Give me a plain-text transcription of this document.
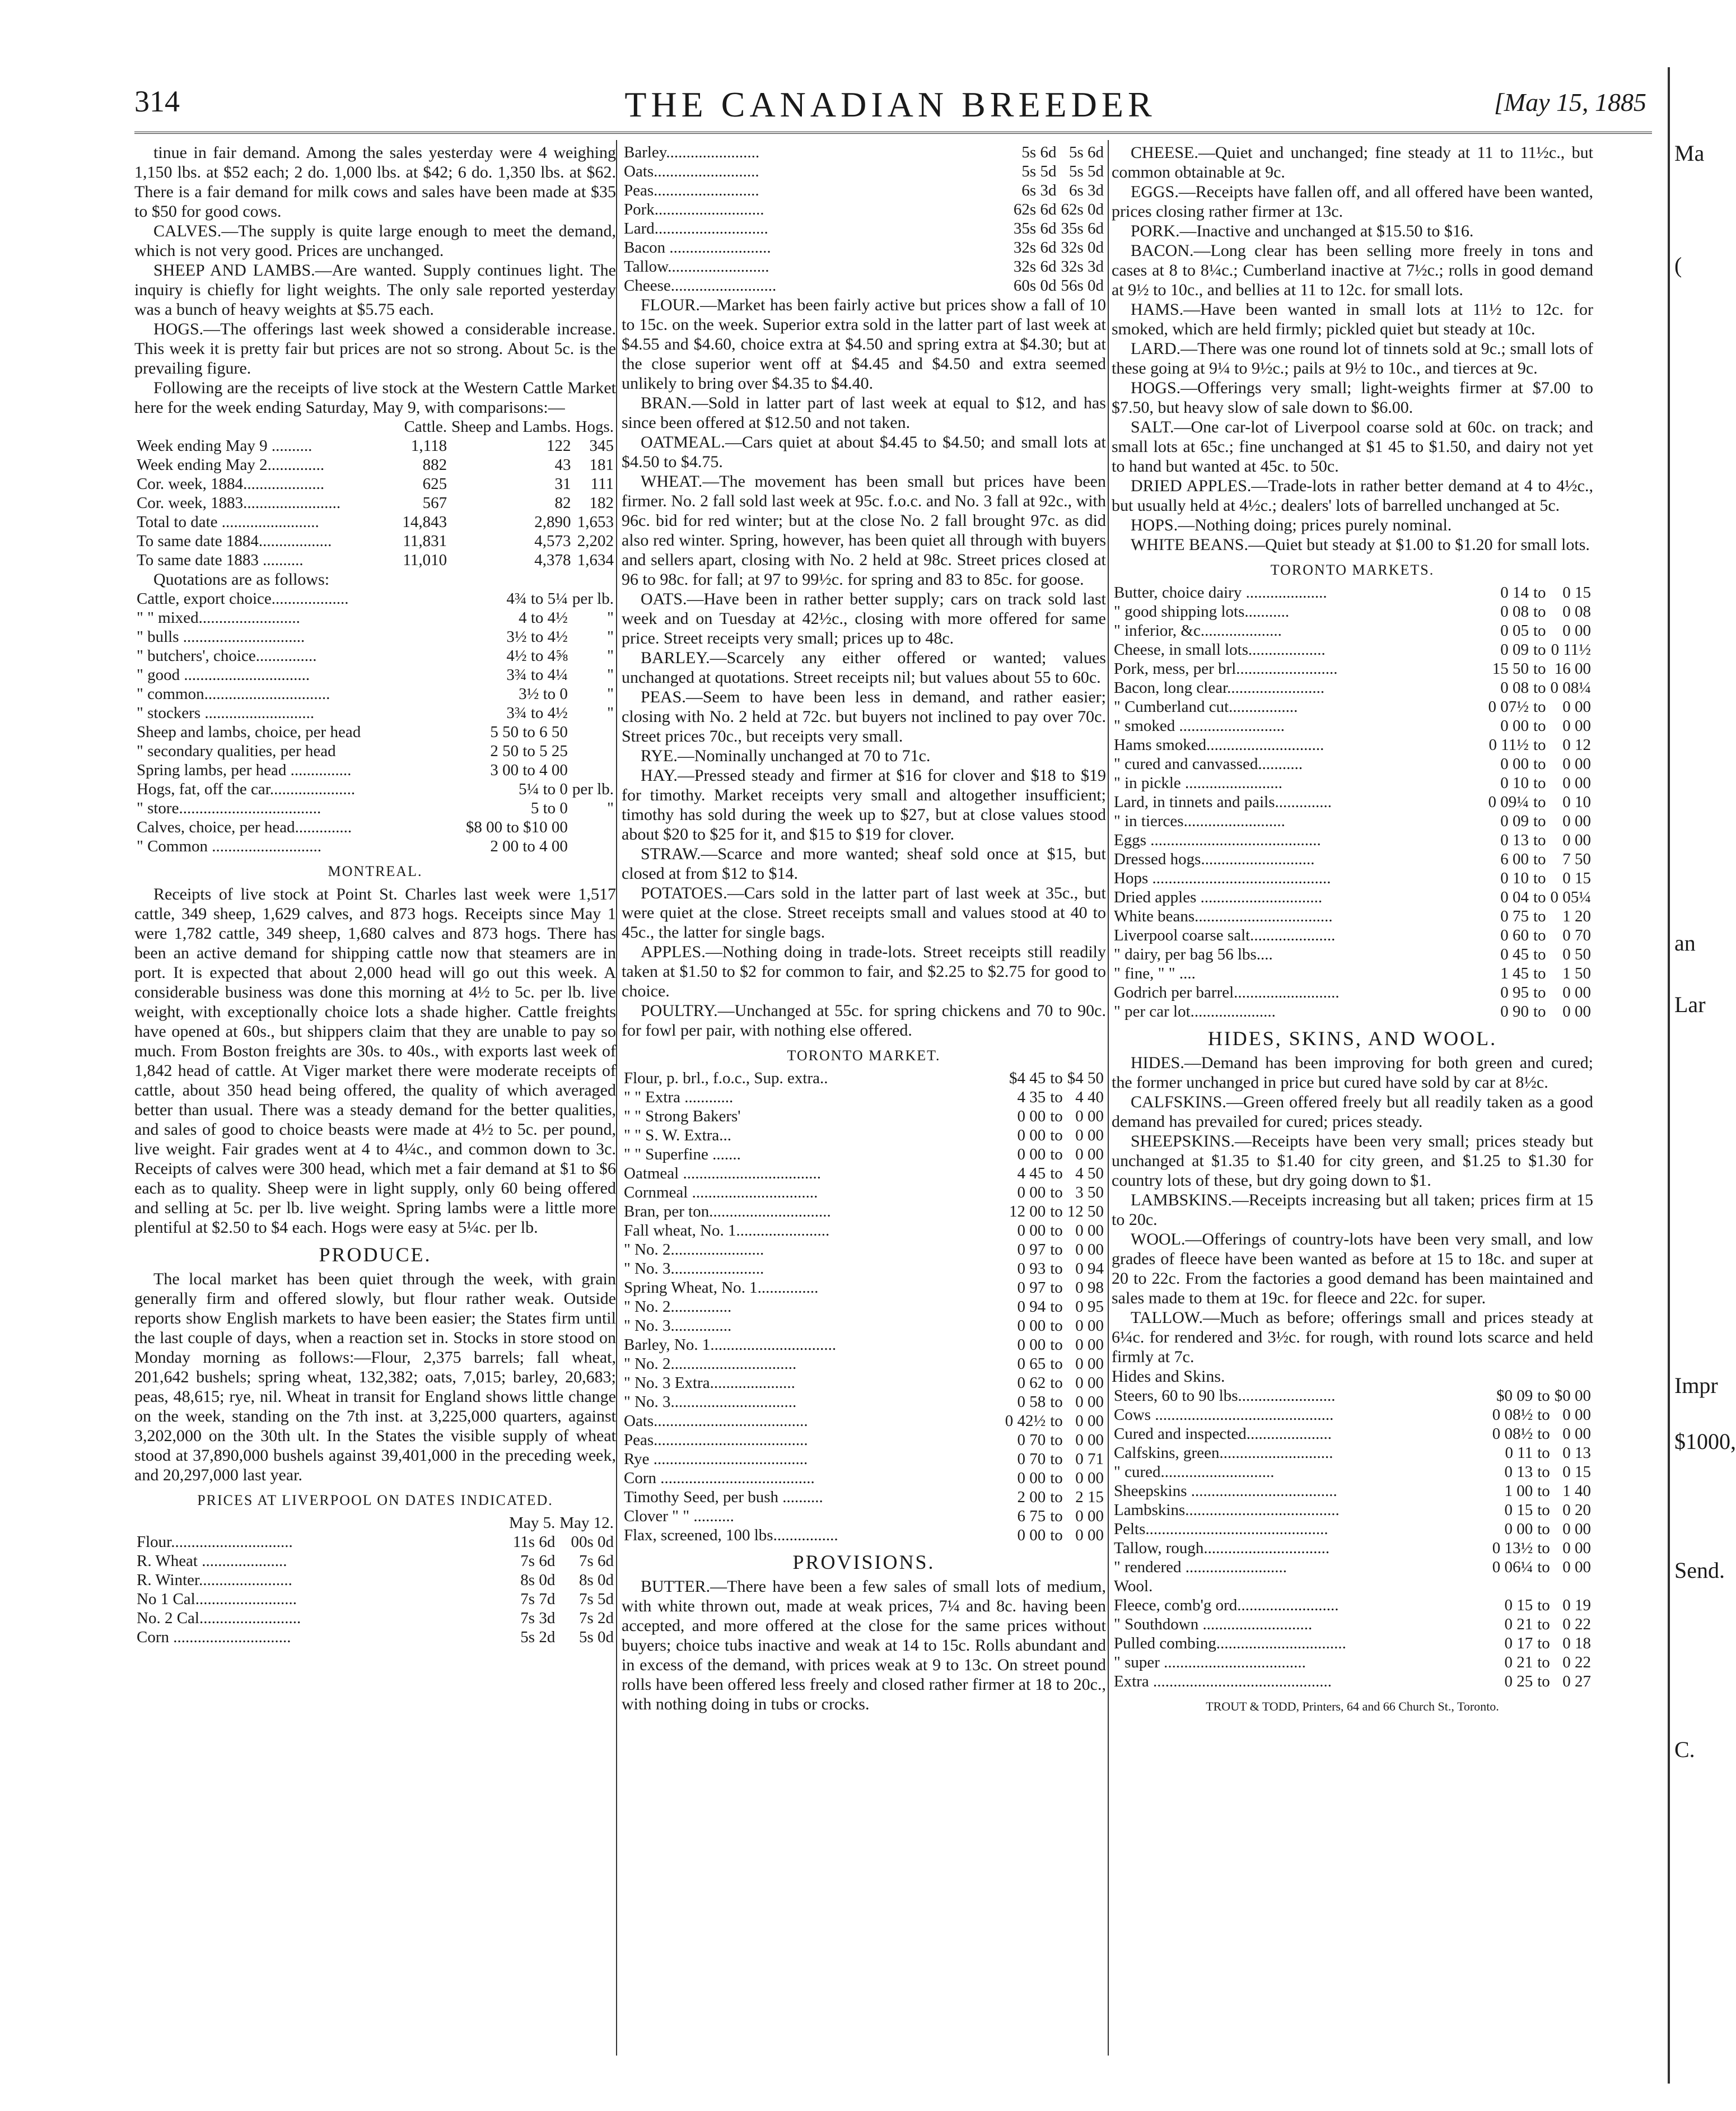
314	THE CANADIAN BREEDER	[May 15, 1885

tinue in fair demand. Among the sales yesterday were 4 weighing 1,150 lbs. at $52 each; 2 do. 1,000 lbs. at $42; 6 do. 1,350 lbs. at $62. There is a fair demand for milk cows and sales have been made at $35 to $50 for good cows.

CALVES.—The supply is quite large enough to meet the demand, which is not very good. Prices are unchanged.

SHEEP AND LAMBS.—Are wanted. Supply continues light. The inquiry is chiefly for light weights. The only sale reported yesterday was a bunch of heavy weights at $5.75 each.

HOGS.—The offerings last week showed a considerable increase. This week it is pretty fair but prices are not so strong. About 5c. is the prevailing figure.

Following are the receipts of live stock at the Western Cattle Market here for the week ending Saturday, May 9, with comparisons:—

	Cattle.	Sheep and Lambs.	Hogs.
Week ending May 9 ..........	1,118	122	345
Week ending May 2..............	882	43	181
Cor. week, 1884....................	625	31	111
Cor. week, 1883........................	567	82	182
Total to date ........................	14,843	2,890	1,653
To same date 1884..................	11,831	4,573	2,202
To same date 1883 ..........	11,010	4,378	1,634

Quotations are as follows:

Cattle, export choice...................	4¾ to 5¼	per lb.
" " mixed.........................	4 to 4½	"
" bulls ..............................	3½ to 4½	"
" butchers', choice...............	4½ to 4⅝	"
" good ...............................	3¾ to 4¼	"
" common...............................	3½ to 0	"
" stockers ...........................	3¾ to 4½	"
Sheep and lambs, choice, per head	5 50 to 6 50	
" secondary qualities, per head	2 50 to 5 25	
Spring lambs, per head ...............	3 00 to 4 00	
Hogs, fat, off the car.....................	5¼ to 0	per lb.
" store...................................	5 to 0	"
Calves, choice, per head..............	$8 00 to $10 00	
" Common ...........................	2 00 to 4 00	
MONTREAL.

Receipts of live stock at Point St. Charles last week were 1,517 cattle, 349 sheep, 1,629 calves, and 873 hogs. Receipts since May 1 were 1,782 cattle, 349 sheep, 1,680 calves and 873 hogs. There has been an active demand for shipping cattle now that steamers are in port. It is expected that about 2,000 head will go out this week. A considerable business was done this morning at 4½ to 5c. per lb. live weight, with exceptionally choice lots a shade higher. Cattle freights have opened at 60s., but shippers claim that they are unable to pay so much. From Boston freights are 30s. to 40s., with exports last week of 1,842 head of cattle. At Viger market there were moderate receipts of cattle, about 350 head being offered, the quality of which averaged better than usual. There was a steady demand for the better qualities, and sales of good to choice beasts were made at 4½ to 5c. per pound, live weight. Fair grades went at 4 to 4¼c., and common down to 3c. Receipts of calves were 300 head, which met a fair demand at $1 to $6 each as to quality. Sheep were in light supply, only 60 being offered and selling at 5c. per lb. live weight. Spring lambs were a little more plentiful at $2.50 to $4 each. Hogs were easy at 5¼c. per lb.

PRODUCE.

The local market has been quiet through the week, with grain generally firm and offered slowly, but flour rather weak. Outside reports show English markets to have been easier; the States firm until the last couple of days, when a reaction set in. Stocks in store stood on Monday morning as follows:—Flour, 2,375 barrels; fall wheat, 201,642 bushels; spring wheat, 132,382; oats, 7,015; barley, 20,683; peas, 48,615; rye, nil. Wheat in transit for England shows little change on the week, standing on the 7th inst. at 3,225,000 quarters, against 3,202,000 on the 30th ult. In the States the visible supply of wheat stood at 37,890,000 bushels against 39,401,000 in the preceding week, and 20,297,000 last year.

PRICES AT LIVERPOOL ON DATES INDICATED.
	May 5.	May 12.
Flour..............................	11s 6d	00s 0d
R. Wheat .....................	7s 6d	7s 6d
R. Winter.......................	8s 0d	8s 0d
No 1 Cal.........................	7s 7d	7s 5d
No. 2 Cal.........................	7s 3d	7s 2d
Corn .............................	5s 2d	5s 0d
Barley.......................	5s 6d	5s 6d
Oats..........................	5s 5d	5s 5d
Peas..........................	6s 3d	6s 3d
Pork...........................	62s 6d	62s 0d
Lard............................	35s 6d	35s 6d
Bacon .........................	32s 6d	32s 0d
Tallow.........................	32s 6d	32s 3d
Cheese..........................	60s 0d	56s 0d

FLOUR.—Market has been fairly active but prices show a fall of 10 to 15c. on the week. Superior extra sold in the latter part of last week at $4.55 and $4.60, choice extra at $4.50 and spring extra at $4.30; but at the close superior went off at $4.45 and $4.50 and extra seemed unlikely to bring over $4.35 to $4.40.

BRAN.—Sold in latter part of last week at equal to $12, and has since been offered at $12.50 and not taken.

OATMEAL.—Cars quiet at about $4.45 to $4.50; and small lots at $4.50 to $4.75.

WHEAT.—The movement has been small but prices have been firmer. No. 2 fall sold last week at 95c. f.o.c. and No. 3 fall at 92c., with 96c. bid for red winter; but at the close No. 2 fall brought 97c. as did also red winter. Spring, however, has been quiet all through with buyers and sellers apart, closing with No. 2 held at 98c. Street prices closed at 96 to 98c. for fall; at 97 to 99½c. for spring and 83 to 85c. for goose.

OATS.—Have been in rather better supply; cars on track sold last week and on Tuesday at 42½c., closing with more offered for same price. Street receipts very small; prices up to 48c.

BARLEY.—Scarcely any either offered or wanted; values unchanged at quotations. Street receipts nil; but values about 55 to 60c.

PEAS.—Seem to have been less in demand, and rather easier; closing with No. 2 held at 72c. but buyers not inclined to pay over 70c. Street prices 70c., but receipts very small.

RYE.—Nominally unchanged at 70 to 71c.

HAY.—Pressed steady and firmer at $16 for clover and $18 to $19 for timothy. Market receipts very small and altogether insufficient; timothy has sold during the week up to $27, but at close values stood about $20 to $25 for it, and $15 to $19 for clover.

STRAW.—Scarce and more wanted; sheaf sold once at $15, but closed at from $12 to $14.

POTATOES.—Cars sold in the latter part of last week at 35c., but were quiet at the close. Street receipts small and values stood at 40 to 45c., the latter for single bags.

APPLES.—Nothing doing in trade-lots. Street receipts still readily taken at $1.50 to $2 for common to fair, and $2.25 to $2.75 for good to choice.

POULTRY.—Unchanged at 55c. for spring chickens and 70 to 90c. for fowl per pair, with nothing else offered.

TORONTO MARKET.
Flour, p. brl., f.o.c., Sup. extra..	$4 45	to	$4 50
" " Extra ............	4 35	to	4 40
" " Strong Bakers'	0 00	to	0 00
" " S. W. Extra...	0 00	to	0 00
" " Superfine .......	0 00	to	0 00
Oatmeal ..................................	4 45	to	4 50
Cornmeal ...............................	0 00	to	3 50
Bran, per ton..............................	12 00	to	12 50
Fall wheat, No. 1.......................	0 00	to	0 00
" No. 2.......................	0 97	to	0 00
" No. 3.......................	0 93	to	0 94
Spring Wheat, No. 1...............	0 97	to	0 98
" No. 2...............	0 94	to	0 95
" No. 3...............	0 00	to	0 00
Barley, No. 1...............................	0 00	to	0 00
" No. 2...............................	0 65	to	0 00
" No. 3 Extra.....................	0 62	to	0 00
" No. 3...............................	0 58	to	0 00
Oats......................................	0 42½	to	0 00
Peas......................................	0 70	to	0 00
Rye ......................................	0 70	to	0 71
Corn ......................................	0 00	to	0 00
Timothy Seed, per bush ..........	2 00	to	2 15
Clover " " ..........	6 75	to	0 00
Flax, screened, 100 lbs................	0 00	to	0 00
PROVISIONS.

BUTTER.—There have been a few sales of small lots of medium, with white thrown out, made at weak prices, 7¼ and 8c. having been accepted, and more offered at the close for the same prices without buyers; choice tubs inactive and weak at 14 to 15c. Rolls abundant and in excess of the demand, with prices weak at 9 to 13c. On street pound rolls have been offered less freely and closed rather firmer at 18 to 20c., with nothing doing in tubs or crocks.

CHEESE.—Quiet and unchanged; fine steady at 11 to 11½c., but common obtainable at 9c.

EGGS.—Receipts have fallen off, and all offered have been wanted, prices closing rather firmer at 13c.

PORK.—Inactive and unchanged at $15.50 to $16.

BACON.—Long clear has been selling more freely in tons and cases at 8 to 8¼c.; Cumberland inactive at 7½c.; rolls in good demand at 9½ to 10c., and bellies at 11 to 12c. for small lots.

HAMS.—Have been wanted in small lots at 11½ to 12c. for smoked, which are held firmly; pickled quiet but steady at 10c.

LARD.—There was one round lot of tinnets sold at 9c.; small lots of these going at 9¼ to 9½c.; pails at 9½ to 10c., and tierces at 9c.

HOGS.—Offerings very small; light-weights firmer at $7.00 to $7.50, but heavy slow of sale down to $6.00.

SALT.—One car-lot of Liverpool coarse sold at 60c. on track; and small lots at 65c.; fine unchanged at $1 45 to $1.50, and dairy not yet to hand but wanted at 45c. to 50c.

DRIED APPLES.—Trade-lots in rather better demand at 4 to 4½c., but usually held at 4½c.; dealers' lots of barrelled unchanged at 5c.

HOPS.—Nothing doing; prices purely nominal.

WHITE BEANS.—Quiet but steady at $1.00 to $1.20 for small lots.

TORONTO MARKETS.
Butter, choice dairy ....................	0 14	to	0 15
" good shipping lots...........	0 08	to	0 08
" inferior, &c....................	0 05	to	0 00
Cheese, in small lots...................	0 09	to	0 11½
Pork, mess, per brl.........................	15 50	to	16 00
Bacon, long clear........................	0 08	to	0 08¼
" Cumberland cut.................	0 07½	to	0 00
" smoked ..........................	0 00	to	0 00
Hams smoked.............................	0 11½	to	0 12
" cured and canvassed...........	0 00	to	0 00
" in pickle ........................	0 10	to	0 00
Lard, in tinnets and pails..............	0 09¼	to	0 10
" in tierces.........................	0 09	to	0 00
Eggs ..........................................	0 13	to	0 00
Dressed hogs............................	6 00	to	7 50
Hops ............................................	0 10	to	0 15
Dried apples ..............................	0 04	to	0 05¼
White beans..................................	0 75	to	1 20
Liverpool coarse salt.....................	0 60	to	0 70
" dairy, per bag 56 lbs....	0 45	to	0 50
" fine, " " ....	1 45	to	1 50
Godrich per barrel..........................	0 95	to	0 00
" per car lot.....................	0 90	to	0 00
HIDES, SKINS, AND WOOL.

HIDES.—Demand has been improving for both green and cured; the former unchanged in price but cured have sold by car at 8½c.

CALFSKINS.—Green offered freely but all readily taken as a good demand has prevailed for cured; prices steady.

SHEEPSKINS.—Receipts have been very small; prices steady but unchanged at $1.35 to $1.40 for city green, and $1.25 to $1.30 for country lots of these, but dry going down to $1.

LAMBSKINS.—Receipts increasing but all taken; prices firm at 15 to 20c.

WOOL.—Offerings of country-lots have been very small, and low grades of fleece have been wanted as before at 15 to 18c. and super at 20 to 22c. From the factories a good demand has been maintained and sales made to them at 19c. for fleece and 22c. for super.

TALLOW.—Much as before; offerings small and prices steady at 6¼c. for rendered and 3½c. for rough, with round lots scarce and held firmly at 7c.

Hides and Skins.

Steers, 60 to 90 lbs........................	$0 09	to	$0 00
Cows ............................................	0 08½	to	0 00
Cured and inspected.....................	0 08½	to	0 00
Calfskins, green............................	0 11	to	0 13
" cured............................	0 13	to	0 15
Sheepskins ....................................	1 00	to	1 40
Lambskins......................................	0 15	to	0 20
Pelts.............................................	0 00	to	0 00
Tallow, rough...............................	0 13½	to	0 00
" rendered .........................	0 06¼	to	0 00
Wool.			
Fleece, comb'g ord.........................	0 15	to	0 19
" Southdown ...........................	0 21	to	0 22
Pulled combing................................	0 17	to	0 18
" super ...................................	0 21	to	0 22
Extra ............................................	0 25	to	0 27
TROUT & TODD, Printers, 64 and 66 Church St., Toronto.
Ma
(
an
Lar
Impr
$1000,
Send.
C.
